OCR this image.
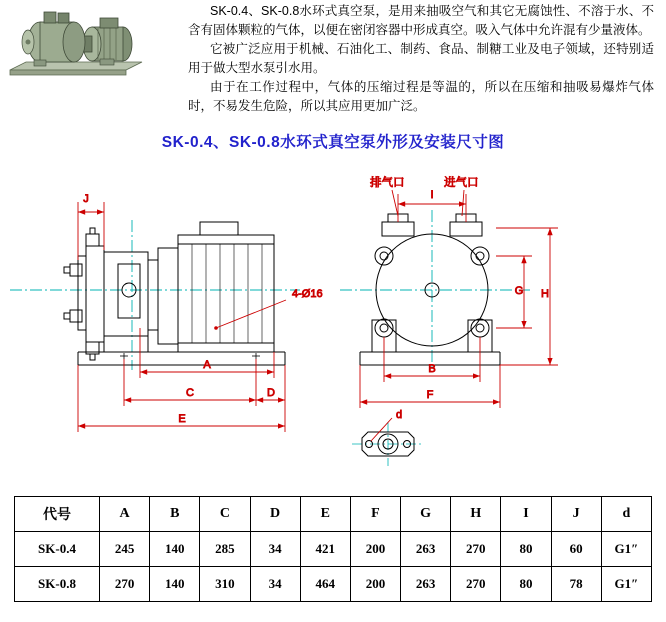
SK-0.4、SK-0.8水环式真空泵，是用来抽吸空气和其它无腐蚀性、不溶于水、不含有固体颗粒的气体，以便在密闭容器中形成真空。吸入气体中允许混有少量液体。

它被广泛应用于机械、石油化工、制药、食品、制糖工业及电子领域，还特别适用于做大型水泵引水用。

由于在工作过程中，气体的压缩过程是等温的，所以在压缩和抽吸易爆炸气体时，不易发生危险，所以其应用更加广泛。

SK-0.4、SK-0.8水环式真空泵外形及安装尺寸图
J
4-Ø16
A
C	D
E
I
排气口	进气口
B
F
G H
d
代号	A	B	C	D	E	F	G	H	I	J	d
SK-0.4	245	140	285	34	421	200	263	270	80	60	G1″
SK-0.8	270	140	310	34	464	200	263	270	80	78	G1″
